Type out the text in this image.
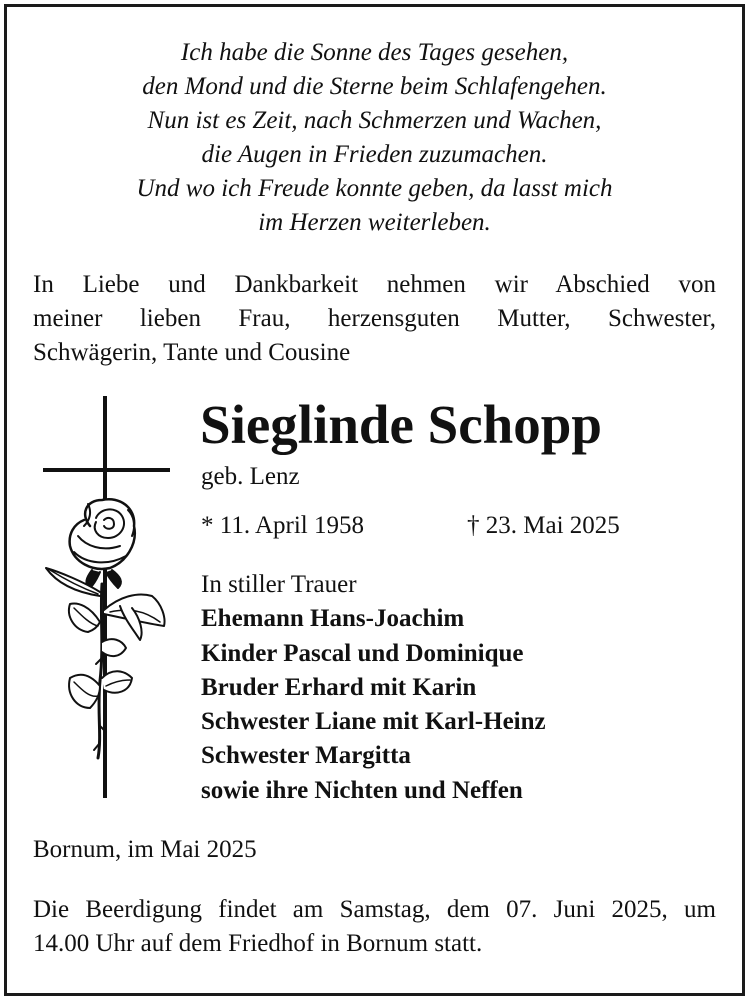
Ich habe die Sonne des Tages gesehen,
den Mond und die Sterne beim Schlafengehen.
Nun ist es Zeit, nach Schmerzen und Wachen,
die Augen in Frieden zuzumachen.
Und wo ich Freude konnte geben, da lasst mich
im Herzen weiterleben.
In Liebe und Dankbarkeit nehmen wir Abschied von
meiner lieben Frau, herzensguten Mutter, Schwester,
Schwägerin, Tante und Cousine
Sieglinde Schopp
geb. Lenz
* 11. April 1958	† 23. Mai 2025
In stiller Trauer
Ehemann Hans-Joachim
Kinder Pascal und Dominique
Bruder Erhard mit Karin
Schwester Liane mit Karl-Heinz
Schwester Margitta
sowie ihre Nichten und Neffen
Bornum, im Mai 2025
Die Beerdigung findet am Samstag, dem 07. Juni 2025, um
14.00 Uhr auf dem Friedhof in Bornum statt.
